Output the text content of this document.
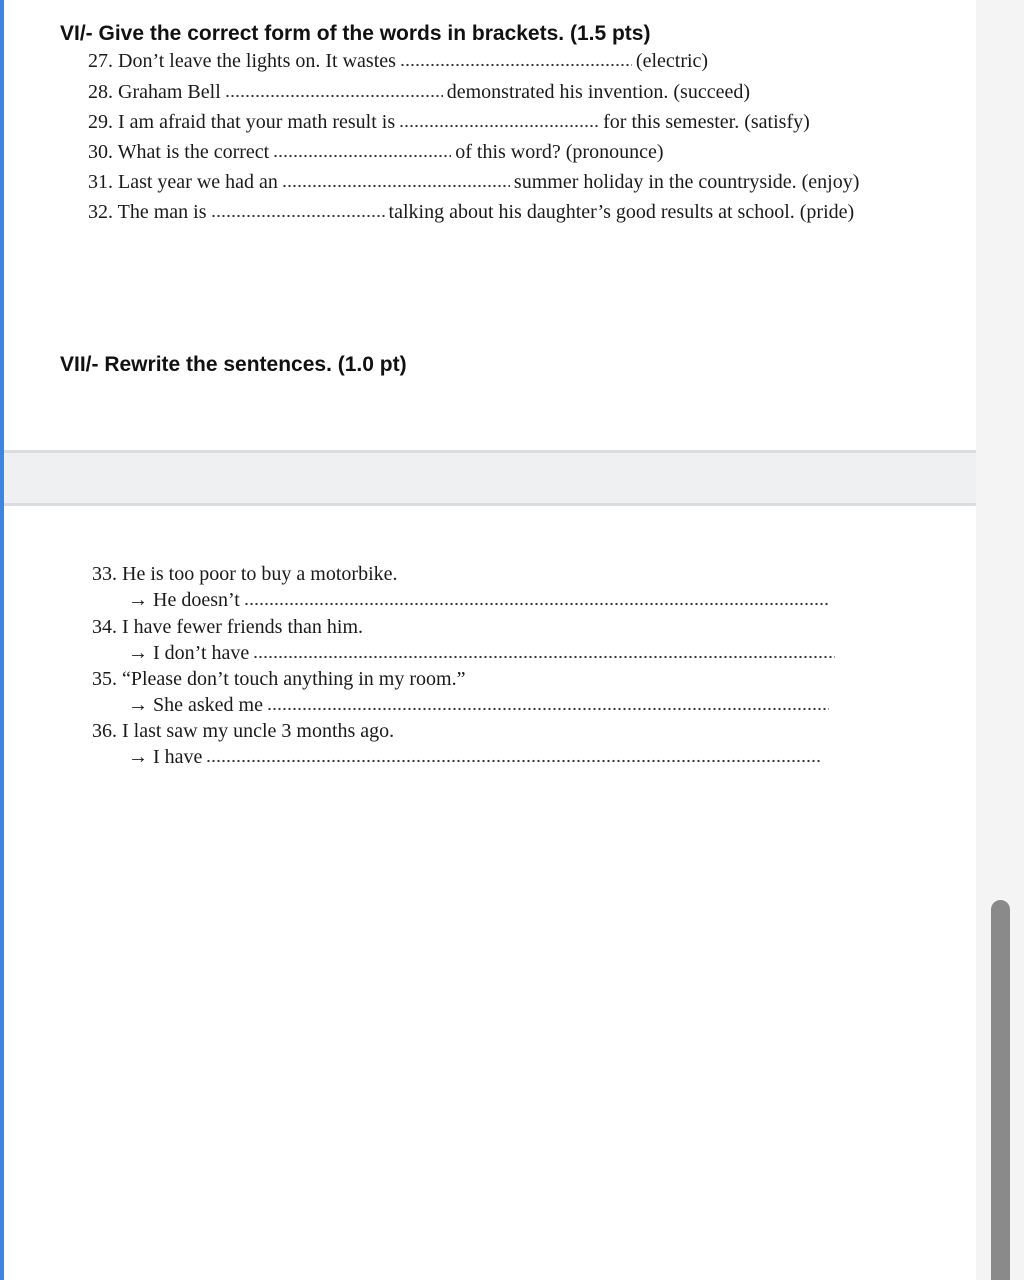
VI/- Give the correct form of the words in brackets. (1.5 pts)
27. Don’t leave the lights on. It wastes	(electric)
28. Graham Bell	demonstrated his invention. (succeed)
29. I am afraid that your math result is	for this semester. (satisfy)
30. What is the correct	of this word? (pronounce)
31. Last year we had an	summer holiday in the countryside. (enjoy)
32. The man is	talking about his daughter’s good results at school. (pride)
VII/- Rewrite the sentences. (1.0 pt)
33. He is too poor to buy a motorbike.
→ He doesn’t
34. I have fewer friends than him.
→ I don’t have
35. “Please don’t touch anything in my room.”
→ She asked me
36. I last saw my uncle 3 months ago.
→ I have
